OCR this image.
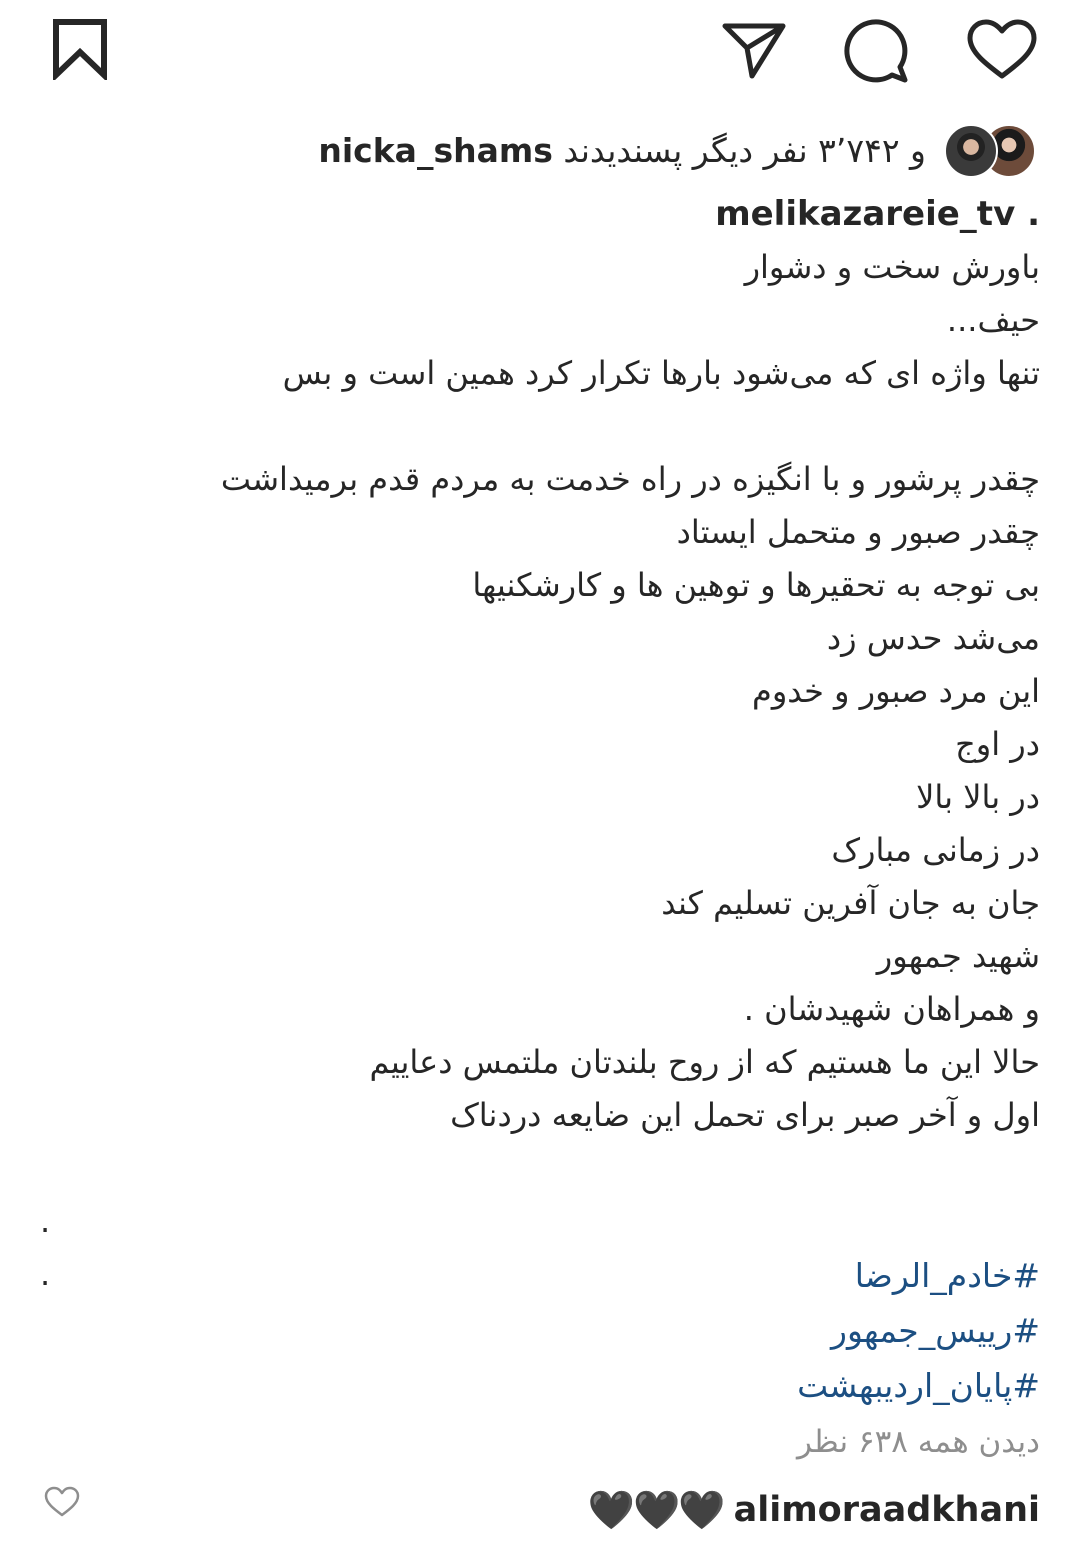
و ۳٬۷۴۲ نفر دیگر پسندیدند nicka_shams
melikazareie_tv .
باورش سخت و دشوار
حیف...
تنها واژه ای که می‌شود بارها تکرار کرد همین است و بس
چقدر پرشور و با انگیزه در راه خدمت به مردم قدم برمیداشت
چقدر صبور و متحمل ایستاد
بی توجه به تحقیرها و توهین ها و کارشکنیها
می‌شد حدس زد
این مرد صبور و خدوم
در اوج
در بالا بالا
در زمانی مبارک
جان به جان آفرین تسلیم کند
شهید جمهور
و همراهان شهیدشان .
حالا این ما هستیم که از روح بلندتان ملتمس دعاییم
اول و آخر صبر برای تحمل این ضایعه دردناک
.
.	#خادم_الرضا
#رییس_جمهور
#پایان_اردیبهشت
دیدن همه ۶۳۸ نظر
🖤🖤🖤 alimoraadkhani
